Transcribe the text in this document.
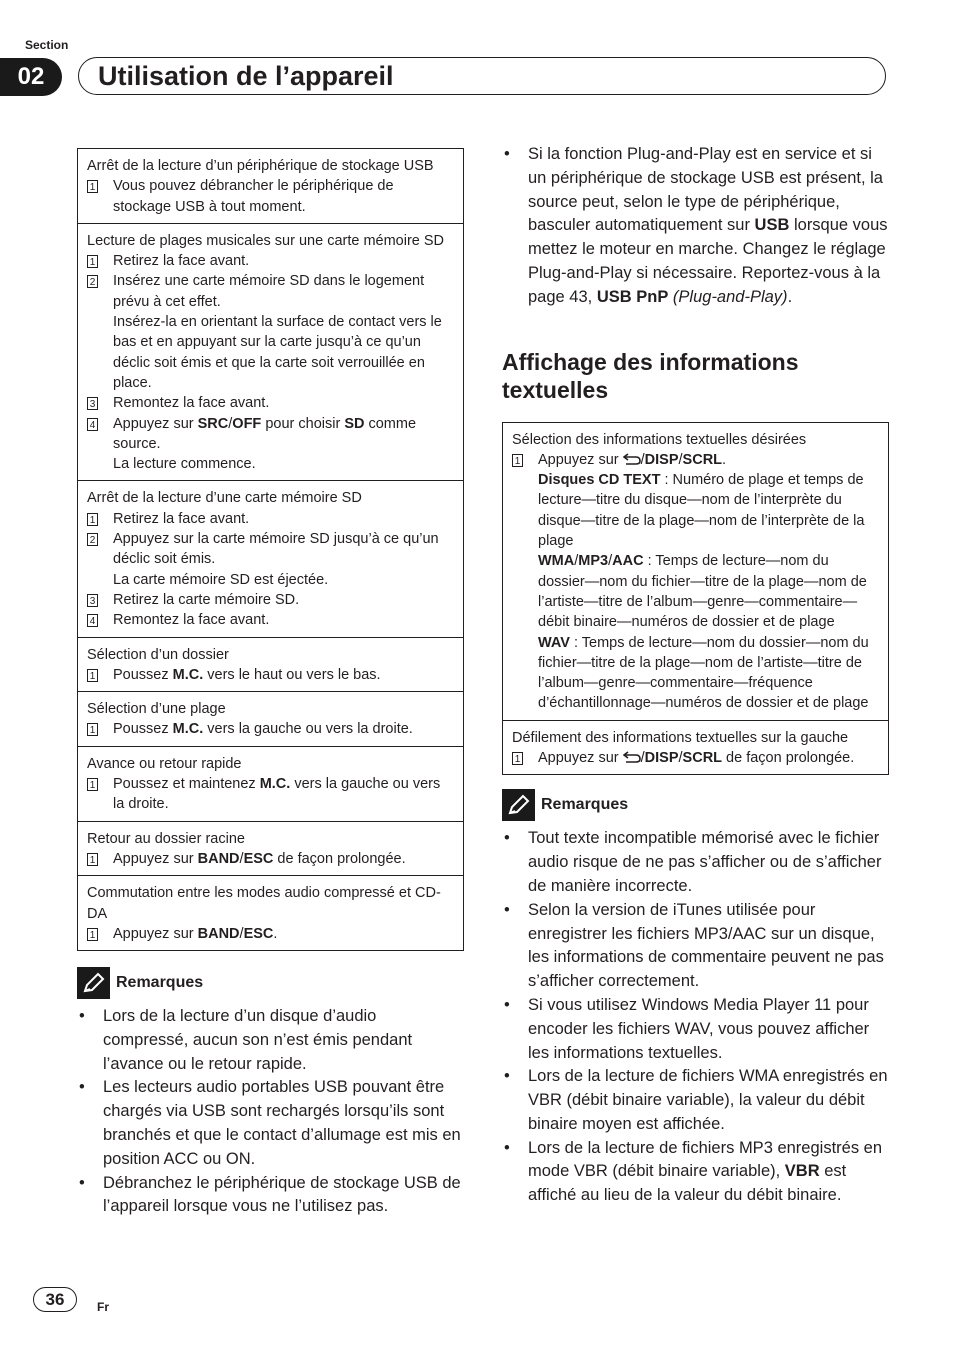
Section
02	Utilisation de l’appareil
Arrêt de la lecture d’un périphérique de stockage USB
1 Vous pouvez débrancher le périphérique de stockage USB à tout moment.
Lecture de plages musicales sur une carte mémoire SD
1 Retirez la face avant.
2 Insérez une carte mémoire SD dans le logement prévu à cet effet.
Insérez-la en orientant la surface de contact vers le bas et en appuyant sur la carte jusqu’à ce qu’un déclic soit émis et que la carte soit verrouillée en place.
3 Remontez la face avant.
4 Appuyez sur SRC/OFF pour choisir SD comme source.
La lecture commence.
Arrêt de la lecture d’une carte mémoire SD
1 Retirez la face avant.
2 Appuyez sur la carte mémoire SD jusqu’à ce qu’un déclic soit émis.
La carte mémoire SD est éjectée.
3 Retirez la carte mémoire SD.
4 Remontez la face avant.
Sélection d’un dossier
1 Poussez M.C. vers le haut ou vers le bas.
Sélection d’une plage
1 Poussez M.C. vers la gauche ou vers la droite.
Avance ou retour rapide
1 Poussez et maintenez M.C. vers la gauche ou vers la droite.
Retour au dossier racine
1 Appuyez sur BAND/ESC de façon prolongée.
Commutation entre les modes audio compressé et CD-DA
1 Appuyez sur BAND/ESC.
Remarques
• Lors de la lecture d’un disque d’audio compressé, aucun son n’est émis pendant l’avance ou le retour rapide.
• Les lecteurs audio portables USB pouvant être chargés via USB sont rechargés lorsqu’ils sont branchés et que le contact d’allumage est mis en position ACC ou ON.
• Débranchez le périphérique de stockage USB de l’appareil lorsque vous ne l’utilisez pas.
• Si la fonction Plug-and-Play est en service et si un périphérique de stockage USB est présent, la source peut, selon le type de périphérique, basculer automatiquement sur USB lorsque vous mettez le moteur en marche. Changez le réglage Plug-and-Play si nécessaire. Reportez-vous à la page 43, USB PnP (Plug-and-Play).
Affichage des informations textuelles
Sélection des informations textuelles désirées
1 Appuyez sur /DISP/SCRL.
Disques CD TEXT : Numéro de plage et temps de lecture—titre du disque—nom de l’interprète du disque—titre de la plage—nom de l’interprète de la plage
WMA/MP3/AAC : Temps de lecture—nom du dossier—nom du fichier—titre de la plage—nom de l’artiste—titre de l’album—genre—commentaire—débit binaire—numéros de dossier et de plage
WAV : Temps de lecture—nom du dossier—nom du fichier—titre de la plage—nom de l’artiste—titre de l’album—genre—commentaire—fréquence d’échantillonnage—numéros de dossier et de plage
Défilement des informations textuelles sur la gauche
1 Appuyez sur /DISP/SCRL de façon prolongée.
Remarques
• Tout texte incompatible mémorisé avec le fichier audio risque de ne pas s’afficher ou de s’afficher de manière incorrecte.
• Selon la version de iTunes utilisée pour enregistrer les fichiers MP3/AAC sur un disque, les informations de commentaire peuvent ne pas s’afficher correctement.
• Si vous utilisez Windows Media Player 11 pour encoder les fichiers WAV, vous pouvez afficher les informations textuelles.
• Lors de la lecture de fichiers WMA enregistrés en VBR (débit binaire variable), la valeur du débit binaire moyen est affichée.
• Lors de la lecture de fichiers MP3 enregistrés en mode VBR (débit binaire variable), VBR est affiché au lieu de la valeur du débit binaire.
36	Fr
